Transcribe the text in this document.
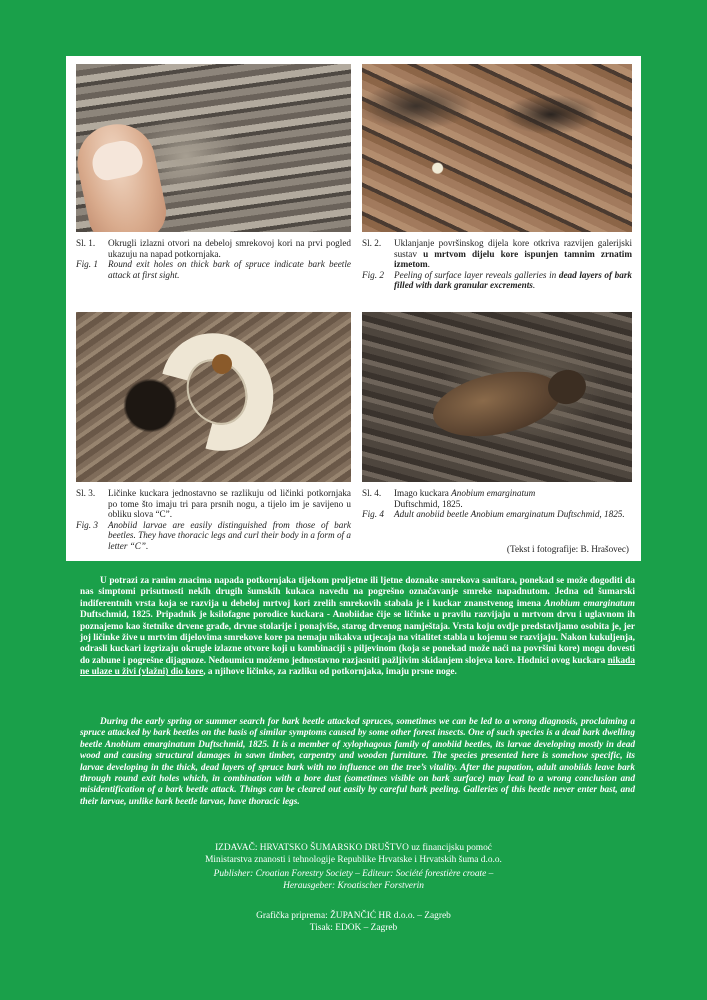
Sl. 1.	Okrugli izlazni otvori na debeloj smrekovoj kori na prvi pogled ukazuju na napad potkornjaka.
Fig. 1	Round exit holes on thick bark of spruce indicate bark beetle attack at first sight.
Sl. 2.	Uklanjanje površinskog dijela kore otkriva razvijen galerijski sustav u mrtvom dijelu kore ispunjen tamnim zrnatim izmetom.
Fig. 2	Peeling of surface layer reveals galleries in dead layers of bark filled with dark granular excrements.
Sl. 3.	Ličinke kuckara jednostavno se razlikuju od ličinki potkornjaka po tome što imaju tri para prsnih nogu, a tijelo im je savijeno u obliku slova “C”.
Fig. 3	Anobiid larvae are easily distinguished from those of bark beetles. They have thoracic legs and curl their body in a form of a letter “C”.
Sl. 4.	Imago kuckara Anobium emarginatum
Duftschmid, 1825.
Fig. 4	Adult anobiid beetle Anobium emarginatum Duftschmid, 1825.
(Tekst i fotografije: B. Hrašovec)
U potrazi za ranim znacima napada potkornjaka tijekom proljetne ili ljetne doznake smrekova sanitara, ponekad se može dogoditi da nas simptomi prisutnosti nekih drugih šumskih kukaca navedu na pogrešno označavanje smreke napadnutom. Jedna od šumarski indiferentnih vrsta koja se razvija u debeloj mrtvoj kori zrelih smrekovih stabala je i kuckar znanstvenog imena Anobium emarginatum Duftschmid, 1825. Pripadnik je ksilofagne porodice kuckara - Anobiidae čije se ličinke u pravilu razvijaju u mrtvom drvu i uglavnom ih poznajemo kao štetnike drvene građe, drvne stolarije i ponajviše, starog drvenog namještaja. Vrsta koju ovdje predstavljamo osobita je, jer joj ličinke žive u mrtvim dijelovima smrekove kore pa nemaju nikakva utjecaja na vitalitet stabla u kojemu se razvijaju. Nakon kukuljenja, odrasli kuckari izgrizaju okrugle izlazne otvore koji u kombinaciji s piljevinom (koja se ponekad može naći na površini kore) mogu dovesti do zabune i pogrešne dijagnoze. Nedoumicu možemo jednostavno razjasniti pažljivim skidanjem slojeva kore. Hodnici ovog kuckara nikada ne ulaze u živi (vlažni) dio kore, a njihove ličinke, za razliku od potkornjaka, imaju prsne noge.
During the early spring or summer search for bark beetle attacked spruces, sometimes we can be led to a wrong diagnosis, proclaiming a spruce attacked by bark beetles on the basis of similar symptoms caused by some other forest insects. One of such species is a dead bark dwelling beetle Anobium emarginatum Duftschmid, 1825. It is a member of xylophagous family of anobiid beetles, its larvae developing mostly in dead wood and causing structural damages in sawn timber, carpentry and wooden furniture. The species presented here is somehow specific, its larvae developing in the thick, dead layers of spruce bark with no influence on the tree’s vitality. After the pupation, adult anobiids leave bark through round exit holes which, in combination with a bore dust (sometimes visible on bark surface) may lead to a wrong conclusion and misidentification of a bark beetle attack. Things can be cleared out easily by careful bark peeling. Galleries of this beetle never enter bast, and their larvae, unlike bark beetle larvae, have thoracic legs.
IZDAVAČ: HRVATSKO ŠUMARSKO DRUŠTVO uz financijsku pomoć
Ministarstva znanosti i tehnologije Republike Hrvatske i Hrvatskih šuma d.o.o.
Publisher: Croatian Forestry Society – Editeur: Société forestière croate –
Herausgeber: Kroatischer Forstverin
Grafička priprema: ŽUPANČIĆ HR d.o.o. – Zagreb
Tisak: EDOK – Zagreb
